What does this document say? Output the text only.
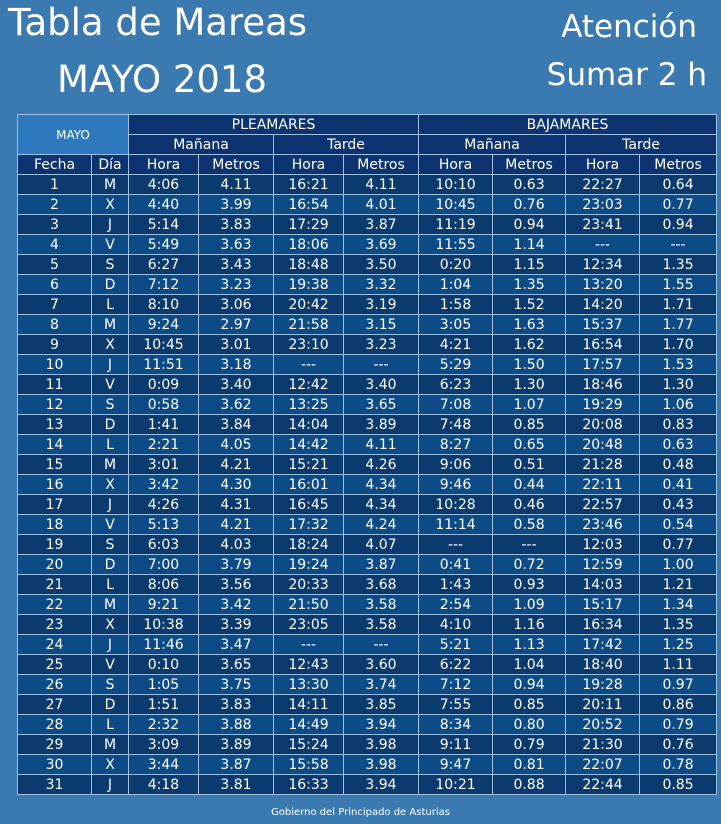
Tabla de Mareas
MAYO 2018
Atención
Sumar 2 h
MAYO		PLEAMARES				BAJAMARES			
		Mañana		Tarde		Mañana		Tarde	
Fecha	Día	Hora	Metros	Hora	Metros	Hora	Metros	Hora	Metros
1	M	4:06	4.11	16:21	4.11	10:10	0.63	22:27	0.64
2	X	4:40	3.99	16:54	4.01	10:45	0.76	23:03	0.77
3	J	5:14	3.83	17:29	3.87	11:19	0.94	23:41	0.94
4	V	5:49	3.63	18:06	3.69	11:55	1.14	---	---
5	S	6:27	3.43	18:48	3.50	0:20	1.15	12:34	1.35
6	D	7:12	3.23	19:38	3.32	1:04	1.35	13:20	1.55
7	L	8:10	3.06	20:42	3.19	1:58	1.52	14:20	1.71
8	M	9:24	2.97	21:58	3.15	3:05	1.63	15:37	1.77
9	X	10:45	3.01	23:10	3.23	4:21	1.62	16:54	1.70
10	J	11:51	3.18	---	---	5:29	1.50	17:57	1.53
11	V	0:09	3.40	12:42	3.40	6:23	1.30	18:46	1.30
12	S	0:58	3.62	13:25	3.65	7:08	1.07	19:29	1.06
13	D	1:41	3.84	14:04	3.89	7:48	0.85	20:08	0.83
14	L	2:21	4.05	14:42	4.11	8:27	0.65	20:48	0.63
15	M	3:01	4.21	15:21	4.26	9:06	0.51	21:28	0.48
16	X	3:42	4.30	16:01	4.34	9:46	0.44	22:11	0.41
17	J	4:26	4.31	16:45	4.34	10:28	0.46	22:57	0.43
18	V	5:13	4.21	17:32	4.24	11:14	0.58	23:46	0.54
19	S	6:03	4.03	18:24	4.07	---	---	12:03	0.77
20	D	7:00	3.79	19:24	3.87	0:41	0.72	12:59	1.00
21	L	8:06	3.56	20:33	3.68	1:43	0.93	14:03	1.21
22	M	9:21	3.42	21:50	3.58	2:54	1.09	15:17	1.34
23	X	10:38	3.39	23:05	3.58	4:10	1.16	16:34	1.35
24	J	11:46	3.47	---	---	5:21	1.13	17:42	1.25
25	V	0:10	3.65	12:43	3.60	6:22	1.04	18:40	1.11
26	S	1:05	3.75	13:30	3.74	7:12	0.94	19:28	0.97
27	D	1:51	3.83	14:11	3.85	7:55	0.85	20:11	0.86
28	L	2:32	3.88	14:49	3.94	8:34	0.80	20:52	0.79
29	M	3:09	3.89	15:24	3.98	9:11	0.79	21:30	0.76
30	X	3:44	3.87	15:58	3.98	9:47	0.81	22:07	0.78
31	J	4:18	3.81	16:33	3.94	10:21	0.88	22:44	0.85
Gobierno del Principado de Asturias
